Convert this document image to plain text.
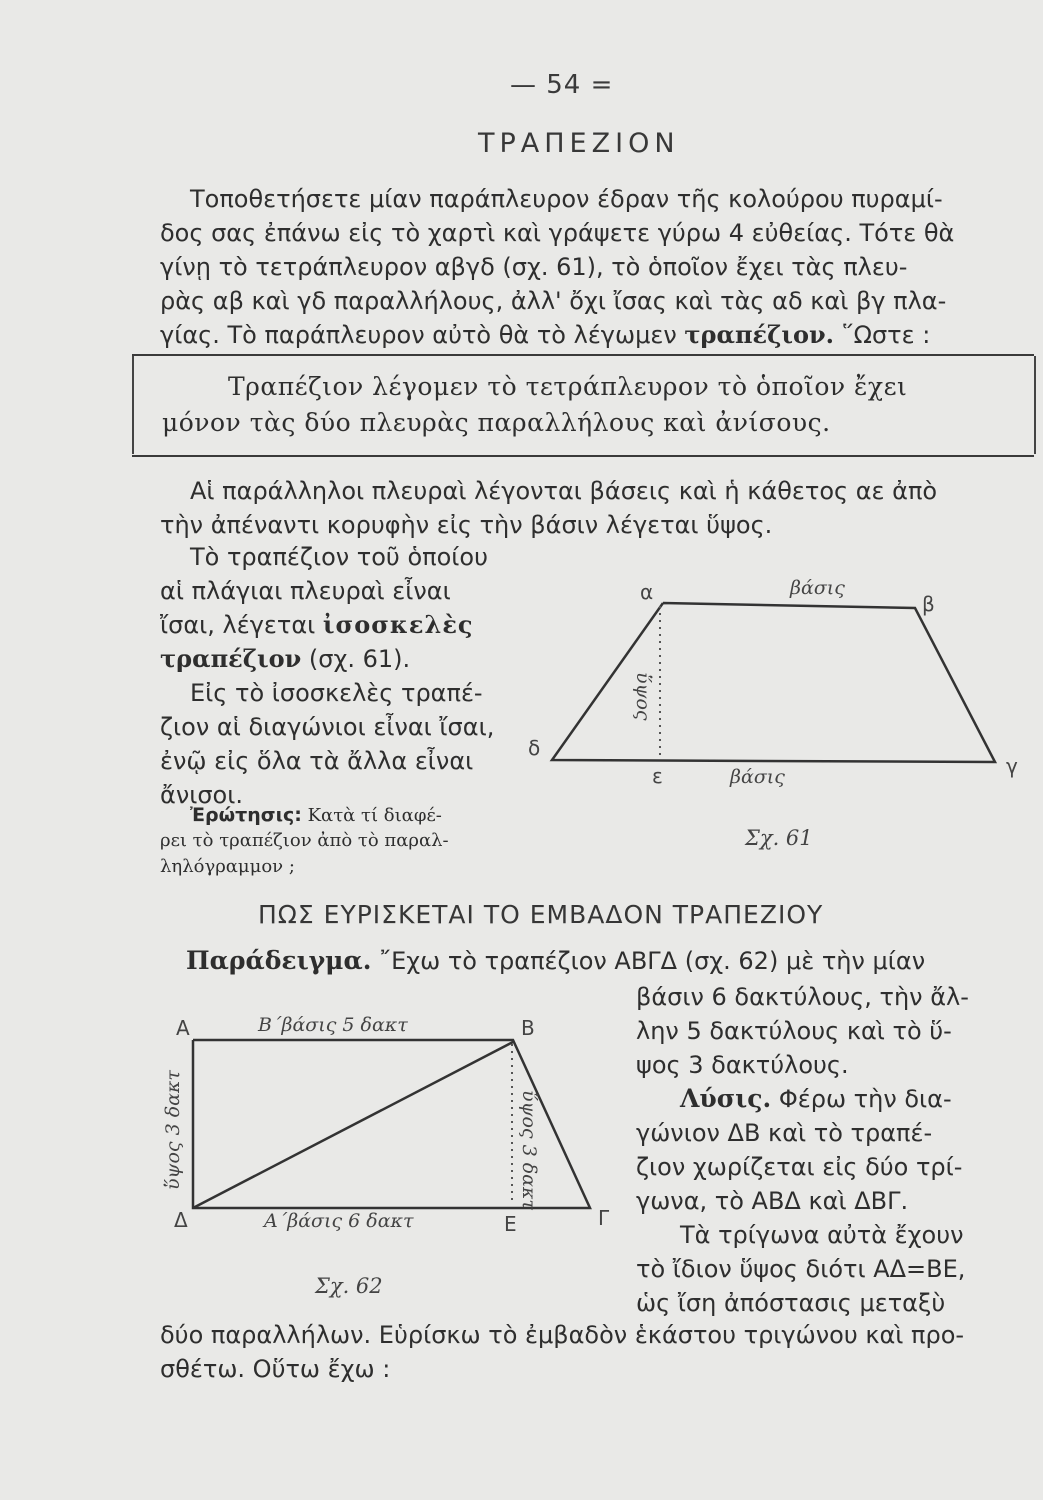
— 54 =
ΤΡΑΠΕΖΙΟΝ
Τοποθετήσετε μίαν παράπλευρον έδραν τῆς κολούρου πυραμί-
δος σας ἐπάνω εἰς τὸ χαρτὶ καὶ γράψετε γύρω 4 εὐθείας. Τότε θὰ
γίνῃ τὸ τετράπλευρον αβγδ (σχ. 61), τὸ ὁποῖον ἔχει τὰς πλευ-
ρὰς αβ καὶ γδ παραλλήλους, ἀλλ' ὄχι ἴσας καὶ τὰς αδ καὶ βγ πλα-
γίας. Τὸ παράπλευρον αὐτὸ θὰ τὸ λέγωμεν τραπέζιον. ῞Ωστε :
Τραπέζιον λέγομεν τὸ τετράπλευρον τὸ ὁποῖον ἔχει
μόνον τὰς δύο πλευρὰς παραλλήλους καὶ ἀνίσους.
Αἱ παράλληλοι πλευραὶ λέγονται βάσεις καὶ ἡ κάθετος αε ἀπὸ
τὴν ἀπέναντι κορυφὴν εἰς τὴν βάσιν λέγεται ὕψος.
Τὸ τραπέζιον τοῦ ὁποίου
αἱ πλάγιαι πλευραὶ εἶναι
ἴσαι, λέγεται ἰσοσκελὲς
τραπέζιον (σχ. 61).
Εἰς τὸ ἰσοσκελὲς τραπέ-
ζιον αἱ διαγώνιοι εἶναι ἴσαι,
ἐνῷ εἰς ὅλα τὰ ἄλλα εἶναι
ἄνισοι.
Ἐρώτησις: Κατὰ τί διαφέ-
ρει τὸ τραπέζιον ἀπὸ τὸ παραλ-
ληλόγραμμον ;
α	β
γ
δ
ε
βάσις
βάσις
ὕψος
Σχ. 61
ΠΩΣ ΕΥΡΙΣΚΕΤΑΙ ΤΟ ΕΜΒΑΔΟΝ ΤΡΑΠΕΖΙΟΥ
Παράδειγμα. ῎Εχω τὸ τραπέζιον ΑΒΓΔ (σχ. 62) μὲ τὴν μίαν
βάσιν 6 δακτύλους, τὴν ἄλ-
λην 5 δακτύλους καὶ τὸ ὕ-
ψος 3 δακτύλους.
Λύσις. Φέρω τὴν δια-
γώνιον ΔΒ καὶ τὸ τραπέ-
ζιον χωρίζεται εἰς δύο τρί-
γωνα, τὸ ΑΒΔ καὶ ΔΒΓ.
Τὰ τρίγωνα αὐτὰ ἔχουν
τὸ ἴδιον ὕψος διότι ΑΔ=ΒΕ,
ὡς ἴση ἀπόστασις μεταξὺ
Α	Β
Γ
Δ	Ε
Β΄βάσις 5 δακτ
Α΄βάσις 6 δακτ
ὕψος 3 δακτ	ὕψος 3 δακτ
Σχ. 62
δύο παραλλήλων. Εὑρίσκω τὸ ἐμβαδὸν ἑκάστου τριγώνου καὶ προ-
σθέτω. Οὕτω ἔχω :
